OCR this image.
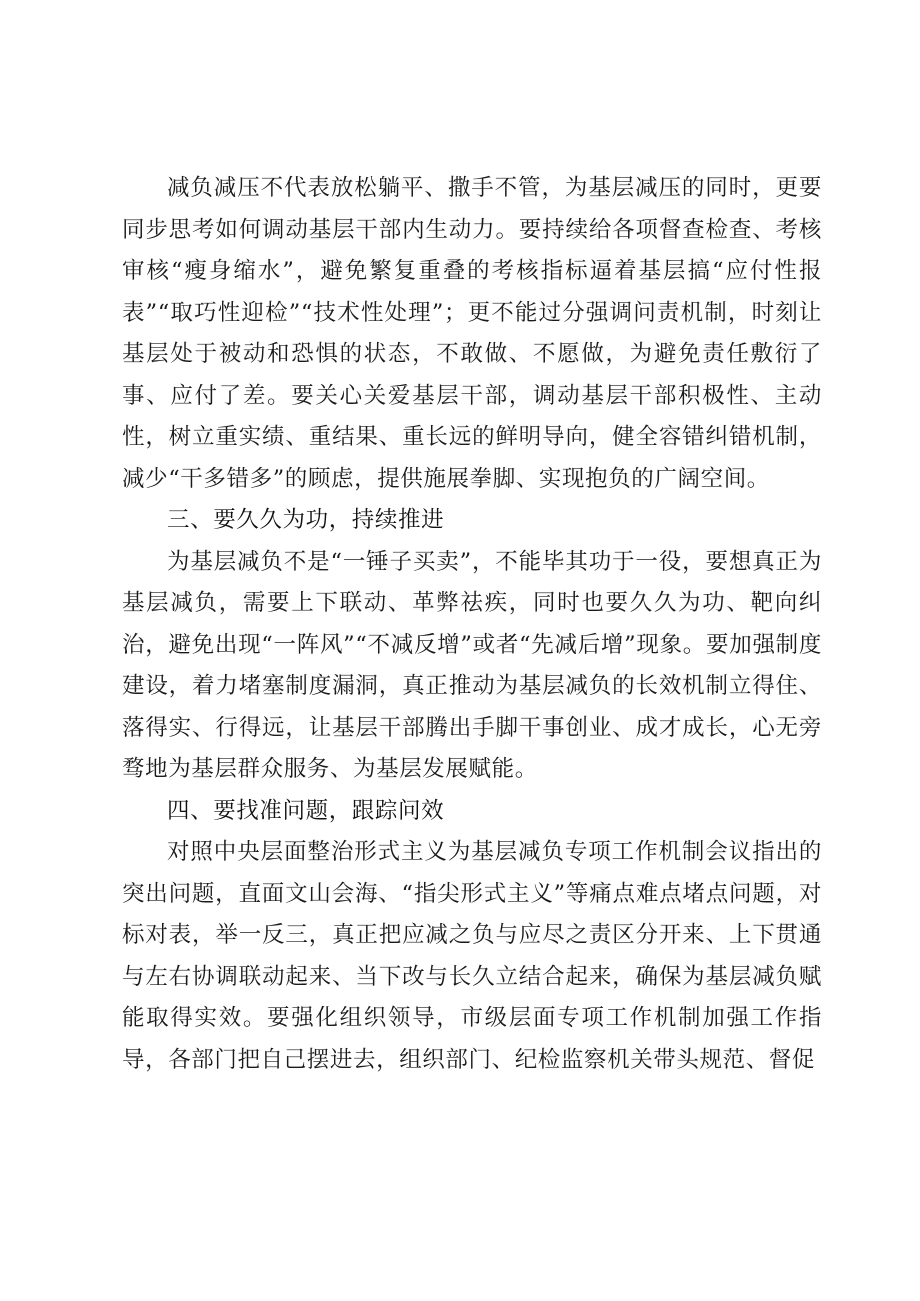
减负减压不代表放松躺平、撒手不管，为基层减压的同时，更要同步思考如何调动基层干部内生动力。要持续给各项督查检查、考核审核“瘦身缩水”，避免繁复重叠的考核指标逼着基层搞“应付性报表”“取巧性迎检”“技术性处理”；更不能过分强调问责机制，时刻让基层处于被动和恐惧的状态，不敢做、不愿做，为避免责任敷衍了事、应付了差。要关心关爱基层干部，调动基层干部积极性、主动性，树立重实绩、重结果、重长远的鲜明导向，健全容错纠错机制，减少“干多错多”的顾虑，提供施展拳脚、实现抱负的广阔空间。

三、要久久为功，持续推进

为基层减负不是“一锤子买卖”，不能毕其功于一役，要想真正为基层减负，需要上下联动、革弊祛疾，同时也要久久为功、靶向纠治，避免出现“一阵风”“不减反增”或者“先减后增”现象。要加强制度建设，着力堵塞制度漏洞，真正推动为基层减负的长效机制立得住、落得实、行得远，让基层干部腾出手脚干事创业、成才成长，心无旁骛地为基层群众服务、为基层发展赋能。

四、要找准问题，跟踪问效

对照中央层面整治形式主义为基层减负专项工作机制会议指出的突出问题，直面文山会海、“指尖形式主义”等痛点难点堵点问题，对标对表，举一反三，真正把应减之负与应尽之责区分开来、上下贯通与左右协调联动起来、当下改与长久立结合起来，确保为基层减负赋能取得实效。要强化组织领导，市级层面专项工作机制加强工作指导，各部门把自己摆进去，组织部门、纪检监察机关带头规范、督促
